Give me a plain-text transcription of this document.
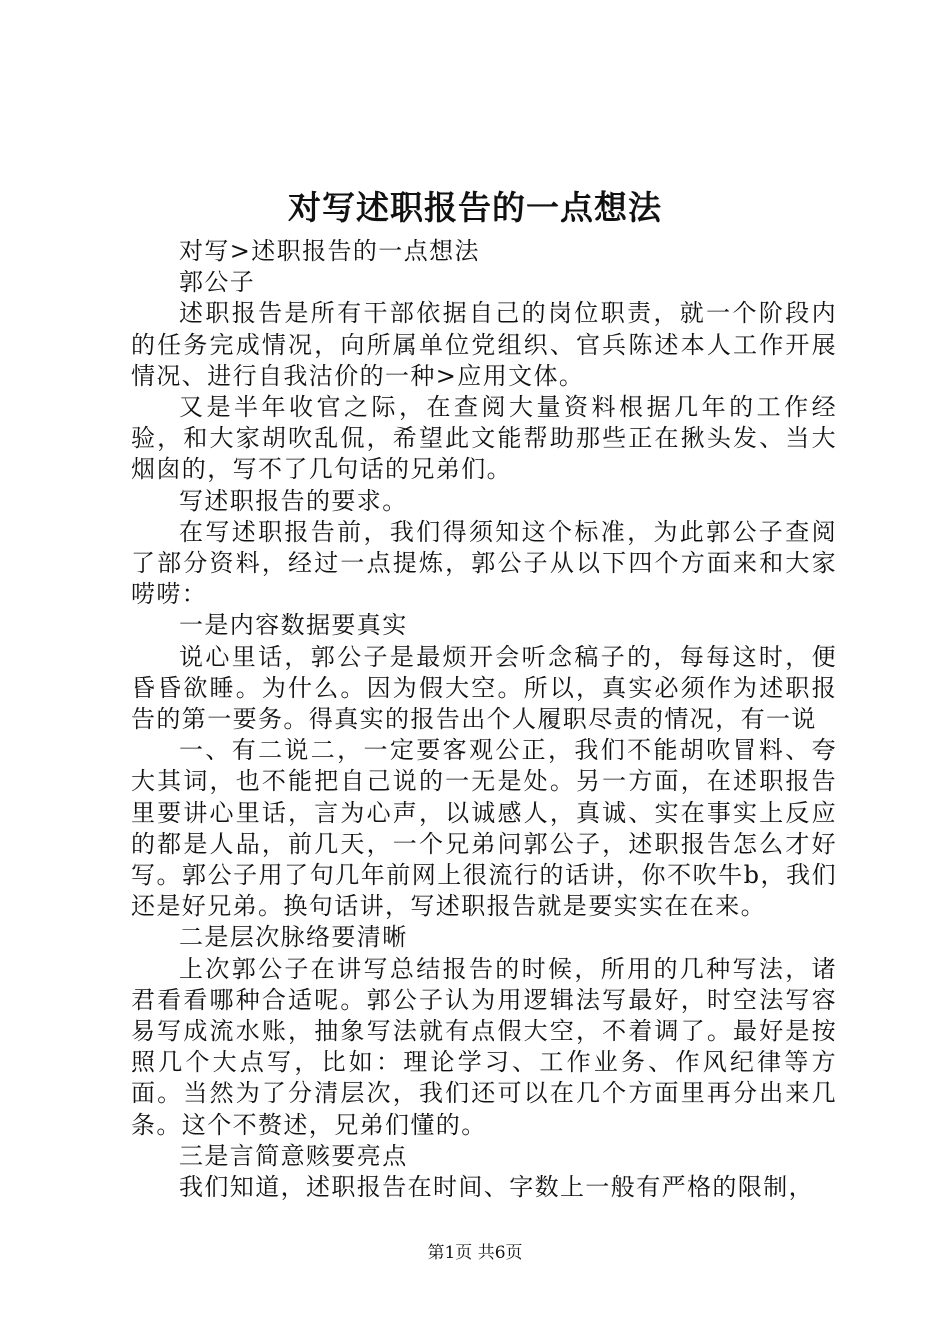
对写述职报告的一点想法

对写>述职报告的一点想法

郭公子

述职报告是所有干部依据自己的岗位职责，就一个阶段内的任务完成情况，向所属单位党组织、官兵陈述本人工作开展情况、进行自我沽价的一种>应用文体。

又是半年收官之际，在查阅大量资料根据几年的工作经验，和大家胡吹乱侃，希望此文能帮助那些正在揪头发、当大烟囱的，写不了几句话的兄弟们。

写述职报告的要求。

在写述职报告前，我们得须知这个标准，为此郭公子查阅了部分资料，经过一点提炼，郭公子从以下四个方面来和大家唠唠：

一是内容数据要真实

说心里话，郭公子是最烦开会听念稿子的，每每这时，便昏昏欲睡。为什么。因为假大空。所以，真实必须作为述职报告的第一要务。得真实的报告出个人履职尽责的情况，有一说

一、有二说二，一定要客观公正，我们不能胡吹冒料、夸大其词，也不能把自己说的一无是处。另一方面，在述职报告里要讲心里话，言为心声，以诚感人，真诚、实在事实上反应的都是人品，前几天，一个兄弟问郭公子，述职报告怎么才好写。郭公子用了句几年前网上很流行的话讲，你不吹牛b，我们还是好兄弟。换句话讲，写述职报告就是要实实在在来。

二是层次脉络要清晰

上次郭公子在讲写总结报告的时候，所用的几种写法，诸君看看哪种合适呢。郭公子认为用逻辑法写最好，时空法写容易写成流水账，抽象写法就有点假大空，不着调了。最好是按照几个大点写，比如：理论学习、工作业务、作风纪律等方面。当然为了分清层次，我们还可以在几个方面里再分出来几条。这个不赘述，兄弟们懂的。

三是言简意赅要亮点

我们知道，述职报告在时间、字数上一般有严格的限制，

第1页 共6页
